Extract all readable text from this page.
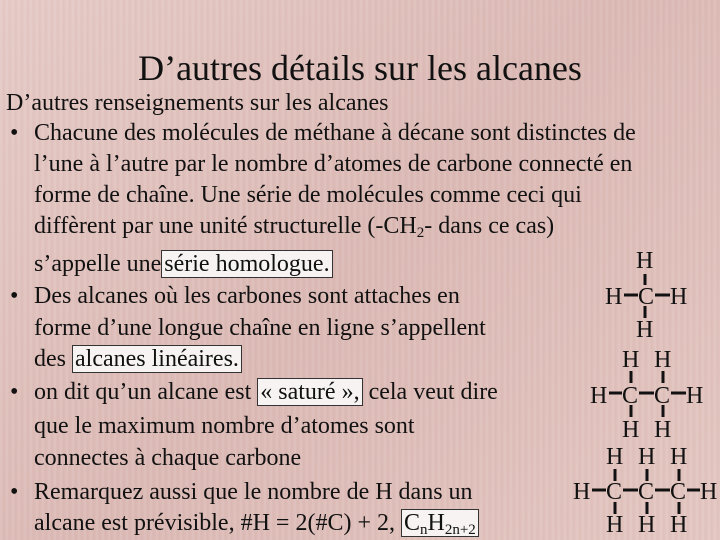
D’autres détails sur les alcanes
D’autres renseignements sur les alcanes
• Chacune des molécules de méthane à décane sont distinctes de
l’une à l’autre par le nombre d’atomes de carbone connecté en
forme de chaîne. Une série de molécules comme ceci qui
diffèrent par une unité structurelle ($-CH_2-$ dans ce cas)
s’appelle une série homologue.
• Des alcanes où les carbones sont attaches en
forme d’une longue chaîne en ligne s’appellent
des alcanes linéaires.
• on dit qu’un alcane est « saturé », cela veut dire
que le maximum nombre d’atomes sont
connectes à chaque carbone
• Remarquez aussi que le nombre de H dans un
alcane est prévisible, #H = 2(#C) + 2, $C_nH_{2n+2}$
H
H C H
H
H H
H C C H
H H
H H H
H C C C H
H H H
